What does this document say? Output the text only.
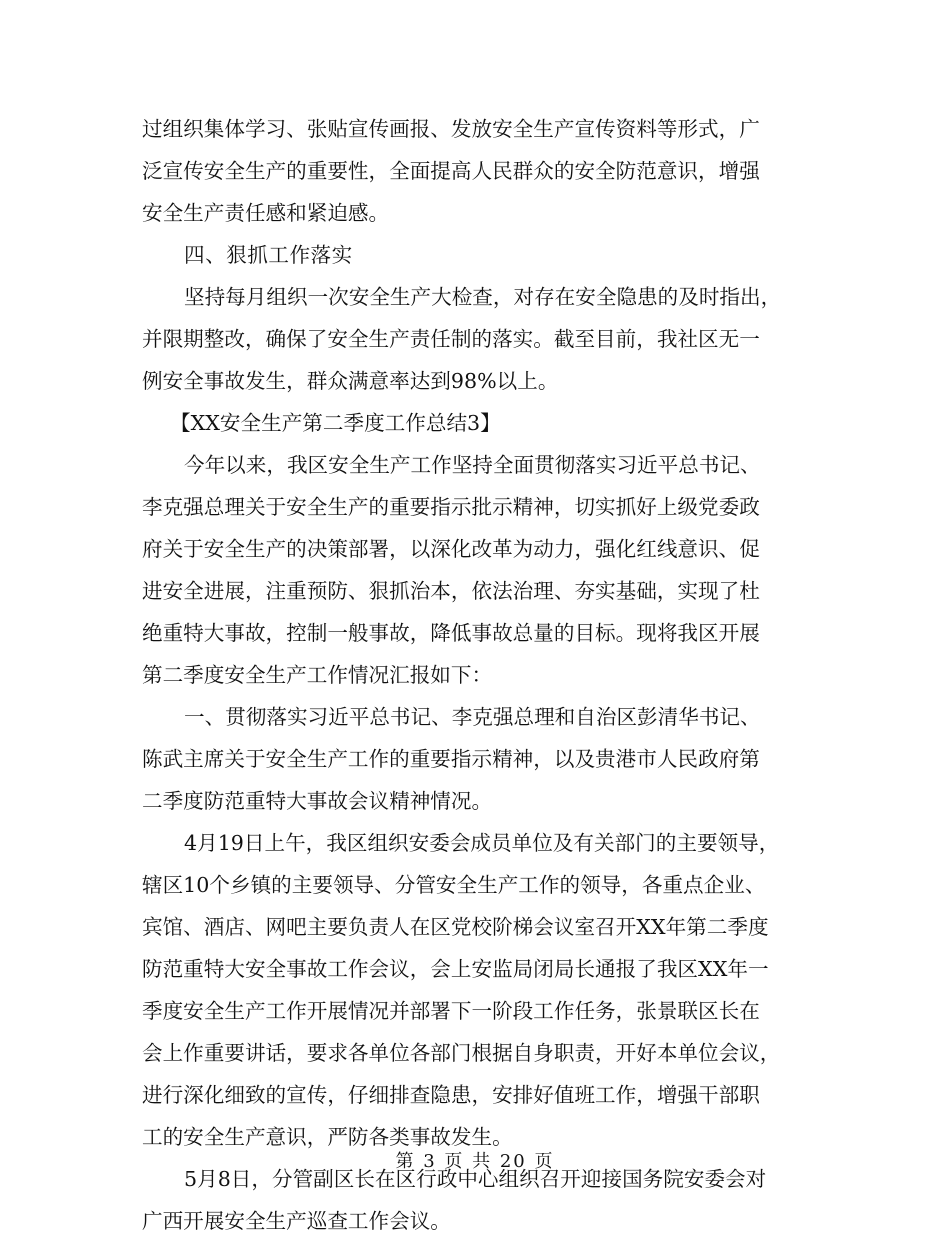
过组织集体学习、张贴宣传画报、发放安全生产宣传资料等形式，广
泛宣传安全生产的重要性，全面提高人民群众的安全防范意识，增强
安全生产责任感和紧迫感。
四、狠抓工作落实
坚持每月组织一次安全生产大检查，对存在安全隐患的及时指出，
并限期整改，确保了安全生产责任制的落实。截至目前，我社区无一
例安全事故发生，群众满意率达到98%以上。
【XX安全生产第二季度工作总结3】
今年以来，我区安全生产工作坚持全面贯彻落实习近平总书记、
李克强总理关于安全生产的重要指示批示精神，切实抓好上级党委政
府关于安全生产的决策部署，以深化改革为动力，强化红线意识、促
进安全进展，注重预防、狠抓治本，依法治理、夯实基础，实现了杜
绝重特大事故，控制一般事故，降低事故总量的目标。现将我区开展
第二季度安全生产工作情况汇报如下：
一、贯彻落实习近平总书记、李克强总理和自治区彭清华书记、
陈武主席关于安全生产工作的重要指示精神，以及贵港市人民政府第
二季度防范重特大事故会议精神情况。
4月19日上午，我区组织安委会成员单位及有关部门的主要领导，
辖区10个乡镇的主要领导、分管安全生产工作的领导，各重点企业、
宾馆、酒店、网吧主要负责人在区党校阶梯会议室召开XX年第二季度
防范重特大安全事故工作会议，会上安监局闭局长通报了我区XX年一
季度安全生产工作开展情况并部署下一阶段工作任务，张景联区长在
会上作重要讲话，要求各单位各部门根据自身职责，开好本单位会议，
进行深化细致的宣传，仔细排查隐患，安排好值班工作，增强干部职
工的安全生产意识，严防各类事故发生。
5月8日，分管副区长在区行政中心组织召开迎接国务院安委会对
广西开展安全生产巡查工作会议。
第 3 页 共 20 页
